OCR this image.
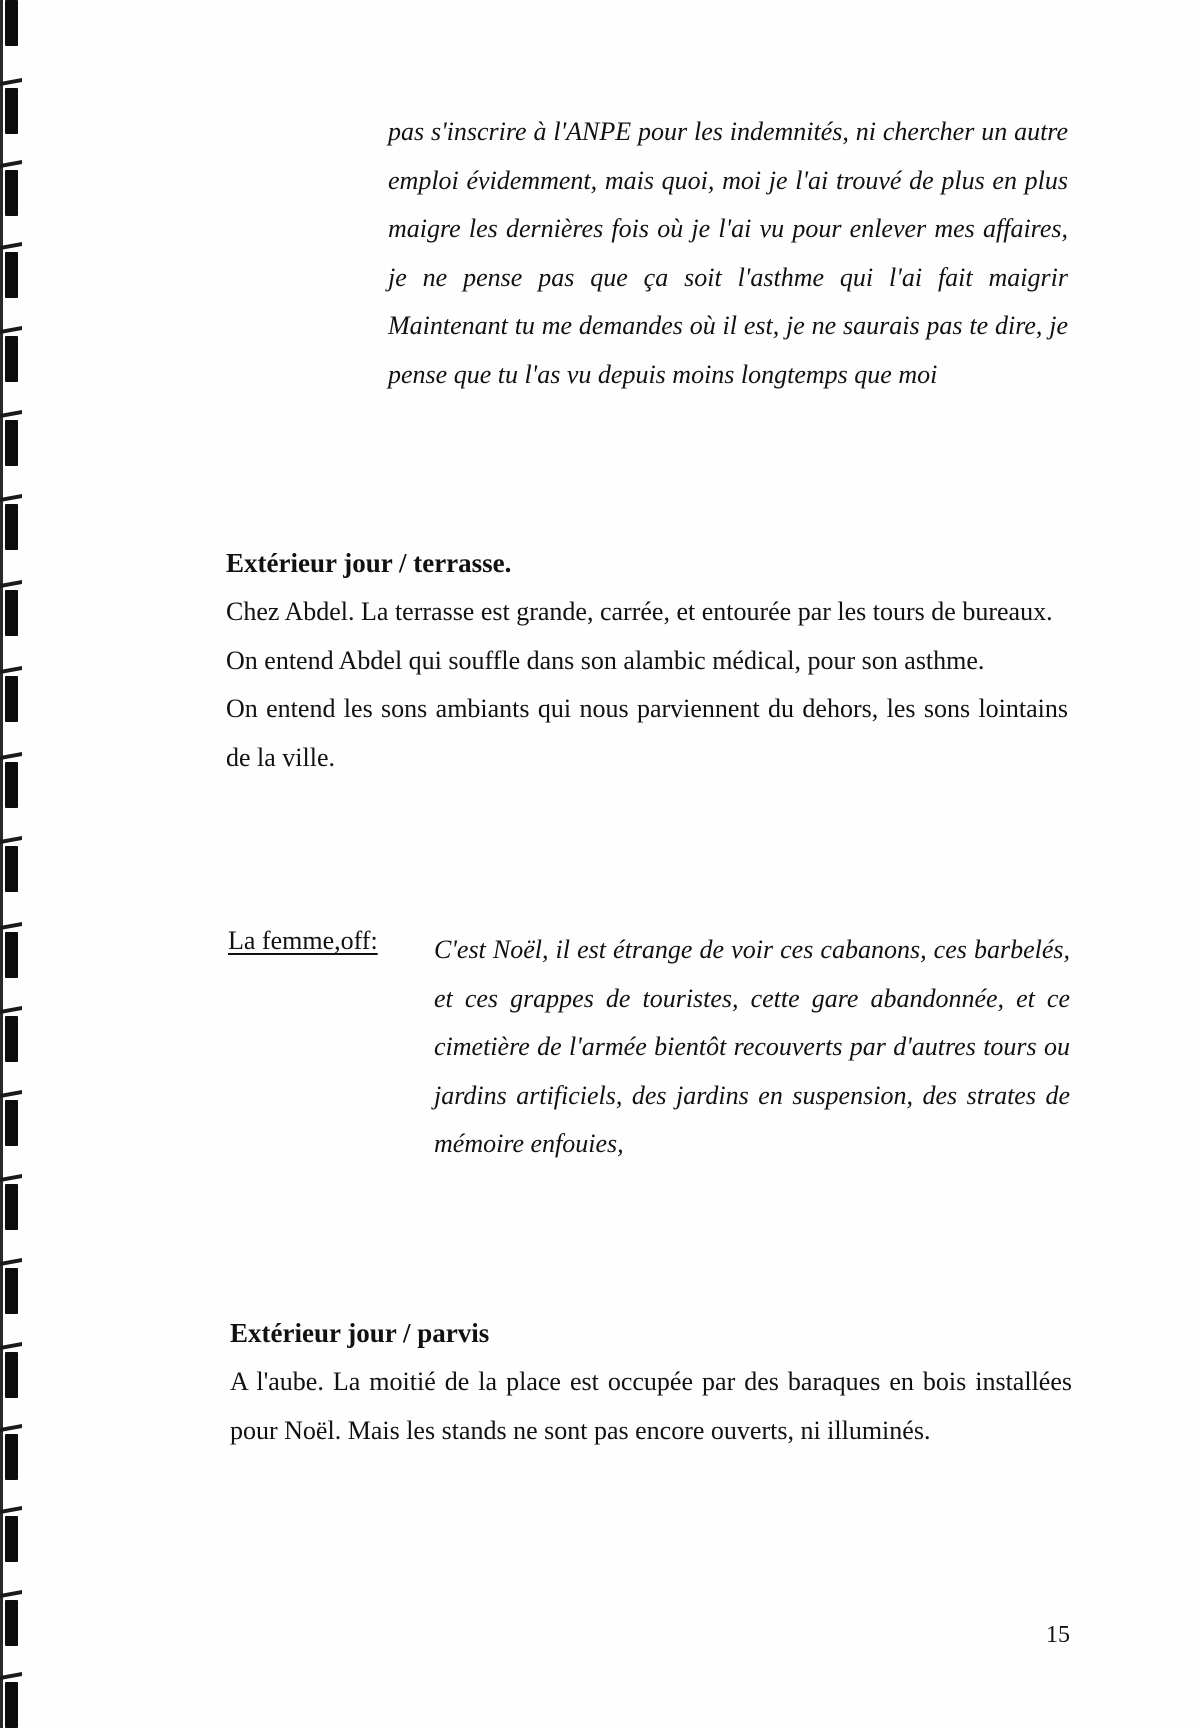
pas s'inscrire à l'ANPE pour les indemnités, ni chercher un autre emploi évidemment, mais quoi, moi je l'ai trouvé de plus en plus maigre les dernières fois où je l'ai vu pour enlever mes affaires, je ne pense pas que ça soit l'asthme qui l'ai fait maigrir Maintenant tu me demandes où il est, je ne saurais pas te dire, je pense que tu l'as vu depuis moins longtemps que moi
Extérieur jour / terrasse.

Chez Abdel. La terrasse est grande, carrée, et entourée par les tours de bureaux.

On entend Abdel qui souffle dans son alambic médical, pour son asthme.

On entend les sons ambiants qui nous parviennent du dehors, les sons lointains de la ville.

La femme,off: C'est Noël, il est étrange de voir ces cabanons, ces barbelés, et ces grappes de touristes, cette gare abandonnée, et ce cimetière de l'armée bientôt recouverts par d'autres tours ou jardins artificiels, des jardins en suspension, des strates de mémoire enfouies,
Extérieur jour / parvis

A l'aube. La moitié de la place est occupée par des baraques en bois installées pour Noël. Mais les stands ne sont pas encore ouverts, ni illuminés.

15
